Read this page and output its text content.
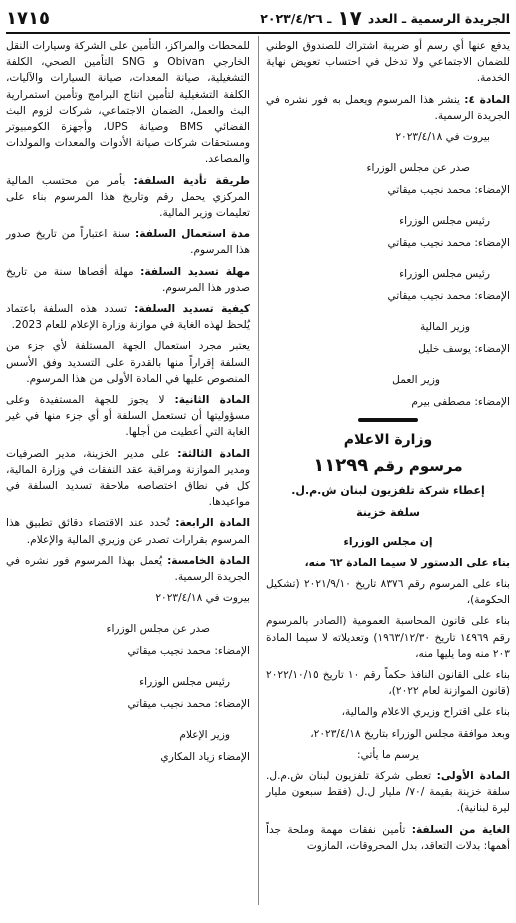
الجريدة الرسمية ـ العدد
١٧
ـ ٢٠٢٣/٤/٢٦
١٧١٥

يدفع عنها أي رسم أو ضريبة اشتراك للصندوق الوطني للضمان الاجتماعي ولا تدخل في احتساب تعويض نهاية الخدمة.

المادة ٤: ينشر هذا المرسوم ويعمل به فور نشره في الجريدة الرسمية.

بيروت في ٢٠٢٣/٤/١٨

صدر عن مجلس الوزراء

الإمضاء: محمد نجيب ميقاتي

رئيس مجلس الوزراء

الإمضاء: محمد نجيب ميقاتي

رئيس مجلس الوزراء

الإمضاء: محمد نجيب ميقاتي

وزير المالية

الإمضاء: يوسف خليل

وزير العمل

الإمضاء: مصطفى بيرم

وزارة الاعلام

مرسوم رقم ١١٢٩٩

إعطاء شركة تلفزيون لبنان ش.م.ل.

سلفة خزينة

إن مجلس الوزراء

بناء على الدستور لا سيما المادة ٦٢ منه،

بناء على المرسوم رقم ٨٣٧٦ تاريخ ٢٠٢١/٩/١٠ (تشكيل الحكومة)،

بناء على قانون المحاسبة العمومية (الصادر بالمرسوم رقم ١٤٩٦٩ تاريخ ١٩٦٣/١٢/٣٠) وتعديلاته لا سيما المادة ٢٠٣ منه وما يليها منه،

بناء على القانون النافذ حكماً رقم ١٠ تاريخ ٢٠٢٢/١٠/١٥ (قانون الموازنة لعام ٢٠٢٢)،

بناء على اقتراح وزيري الاعلام والمالية،

وبعد موافقة مجلس الوزراء بتاريخ ٢٠٢٣/٤/١٨،

يرسم ما يأتي:

المادة الأولى: تعطى شركة تلفزيون لبنان ش.م.ل. سلفة خزينة بقيمة /٧٠/ مليار ل.ل (فقط سبعون مليار ليرة لبنانية).

الغاية من السلفة: تأمين نفقات مهمة وملحة جداً أهمها: بدلات التعاقد، بدل المحروقات، المازوت

للمحطات والمراكز، التأمين على الشركة وسيارات النقل الخارجي Obivan و SNG التأمين الصحي، الكلفة التشغيلية، صيانة المعدات، صيانة السيارات والآليات، الكلفة التشغيلية لتأمين انتاج البرامج وتأمين استمرارية البث والعمل، الضمان الاجتماعي، شركات لزوم البث الفضائي BMS وصيانة UPS، وأجهزة الكومبيوتر ومستحقات شركات صيانة الأدوات والمعدات والمولدات والمصاعد.

طريقة تأدية السلفة: بأمر من محتسب المالية المركزي يحمل رقم وتاريخ هذا المرسوم بناء على تعليمات وزير المالية.

مدة استعمال السلفة: سنة اعتباراً من تاريخ صدور هذا المرسوم.

مهلة تسديد السلفة: مهلة أقصاها سنة من تاريخ صدور هذا المرسوم.

كيفية تسديد السلفة: تسدد هذه السلفة باعتماد يُلحظ لهذه الغاية في موازنة وزارة الإعلام للعام 2023.

يعتبر مجرد استعمال الجهة المستلفة لأي جزء من السلفة إقراراً منها بالقدرة على التسديد وفق الأسس المنصوص عليها في المادة الأولى من هذا المرسوم.

المادة الثانية: لا يجوز للجهة المستفيدة وعلى مسؤوليتها أن تستعمل السلفة أو أي جزء منها في غير الغاية التي أعطيت من أجلها.

المادة الثالثة: على مدير الخزينة، مدير الصرفيات ومدير الموازنة ومراقبة عقد النفقات في وزارة المالية، كل في نطاق اختصاصه ملاحقة تسديد السلفة في مواعيدها.

المادة الرابعة: تُحدد عند الاقتضاء دقائق تطبيق هذا المرسوم بقرارات تصدر عن وزيري المالية والإعلام.

المادة الخامسة: يُعمل بهذا المرسوم فور نشره في الجريدة الرسمية.

بيروت في ٢٠٢٣/٤/١٨

صدر عن مجلس الوزراء

الإمضاء: محمد نجيب ميقاتي

رئيس مجلس الوزراء

الإمضاء: محمد نجيب ميقاتي

وزير الإعلام

الإمضاء زياد المكاري
